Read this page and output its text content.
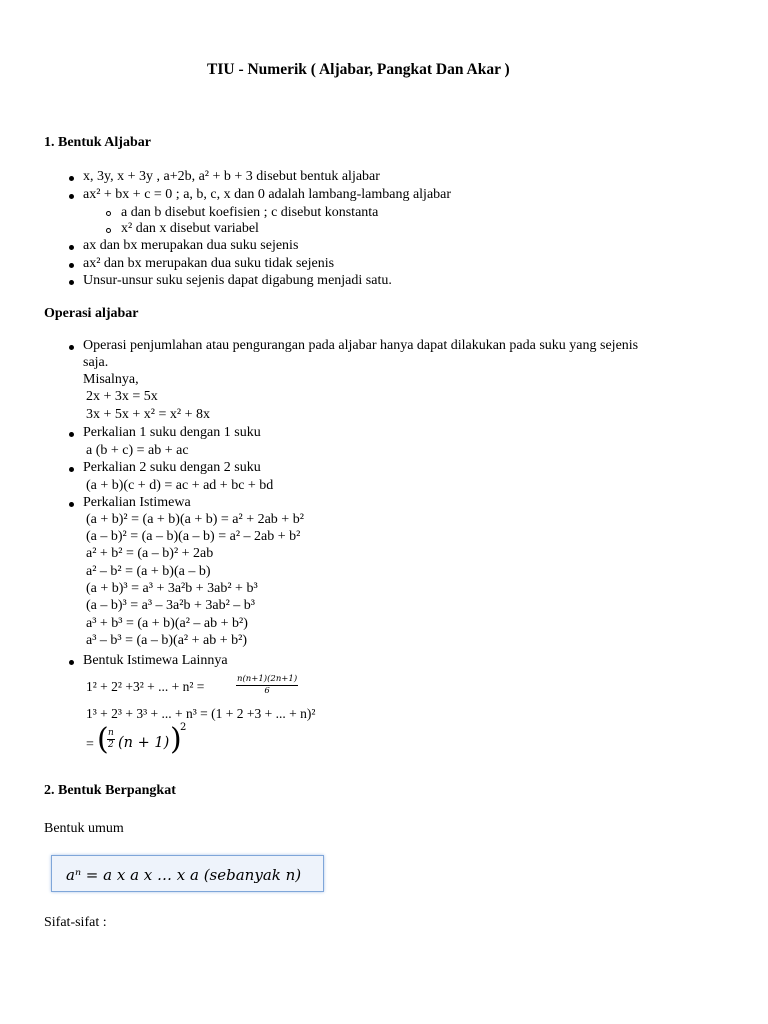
TIU - Numerik ( Aljabar, Pangkat Dan Akar )
1. Bentuk Aljabar
x, 3y, x + 3y , a+2b, a² + b + 3 disebut bentuk aljabar
ax² + bx + c = 0 ; a, b, c, x dan 0 adalah lambang-lambang aljabar
a dan b disebut koefisien ; c disebut konstanta
x² dan x disebut variabel
ax dan bx merupakan dua suku sejenis
ax² dan bx merupakan dua suku tidak sejenis
Unsur-unsur suku sejenis dapat digabung menjadi satu.
Operasi aljabar
Operasi penjumlahan atau pengurangan pada aljabar hanya dapat dilakukan pada suku yang sejenis
saja.
Misalnya,
2x + 3x = 5x
3x + 5x + x² = x² + 8x
Perkalian 1 suku dengan 1 suku
a (b + c) = ab + ac
Perkalian 2 suku dengan 2 suku
(a + b)(c + d) = ac + ad + bc + bd
Perkalian Istimewa
(a + b)² = (a + b)(a + b) = a² + 2ab + b²
(a – b)² = (a – b)(a – b) = a² – 2ab + b²
a² + b² = (a – b)² + 2ab
a² – b² = (a + b)(a – b)
(a + b)³ = a³ + 3a²b + 3ab² + b³
(a – b)³ = a³ – 3a²b + 3ab² – b³
a³ + b³ = (a + b)(a² – ab + b²)
a³ – b³ = (a – b)(a² + ab + b²)
Bentuk Istimewa Lainnya
1² + 2² +3² + ... + n² =	$\frac{n(n+1)(2n+1)}{6}$
1³ + 2³ + 3³ + ... + n³ = (1 + 2 +3 + ... + n)²
= (
$\frac{n}{2} (n + 1)$ )
2
2. Bentuk Berpangkat
Bentuk umum
aⁿ = a x a x … x a (sebanyak n)
Sifat-sifat :
